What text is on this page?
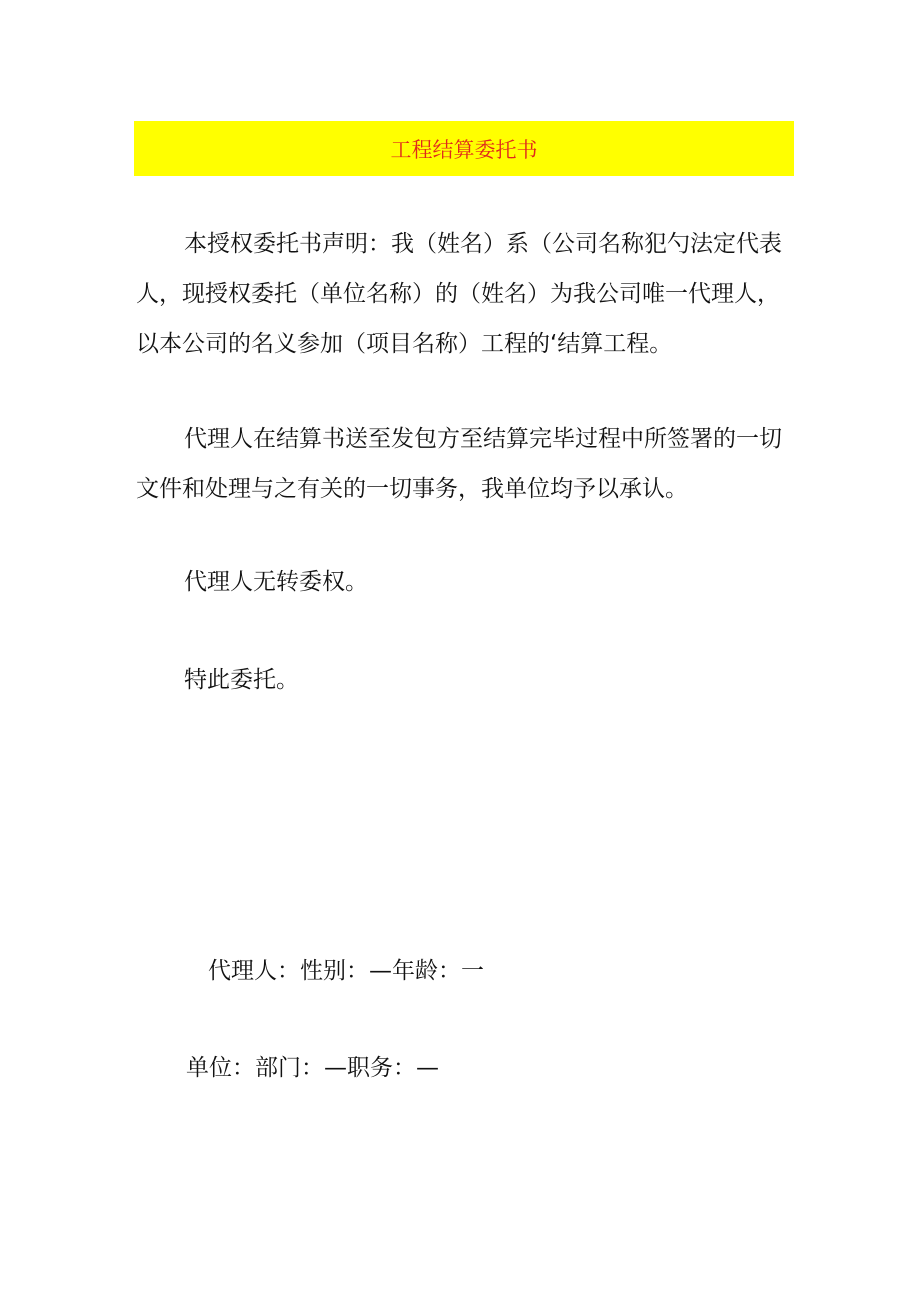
工程结算委托书

本授权委托书声明：我（姓名）系（公司名称犯勺法定代表人，现授权委托（单位名称）的（姓名）为我公司唯一代理人，以本公司的名义参加（项目名称）工程的‘结算工程。

代理人在结算书送至发包方至结算完毕过程中所签署的一切文件和处理与之有关的一切事务，我单位均予以承认。

代理人无转委权。

特此委托。

代理人：性别：—年龄：一
单位：部门：—职务：—
